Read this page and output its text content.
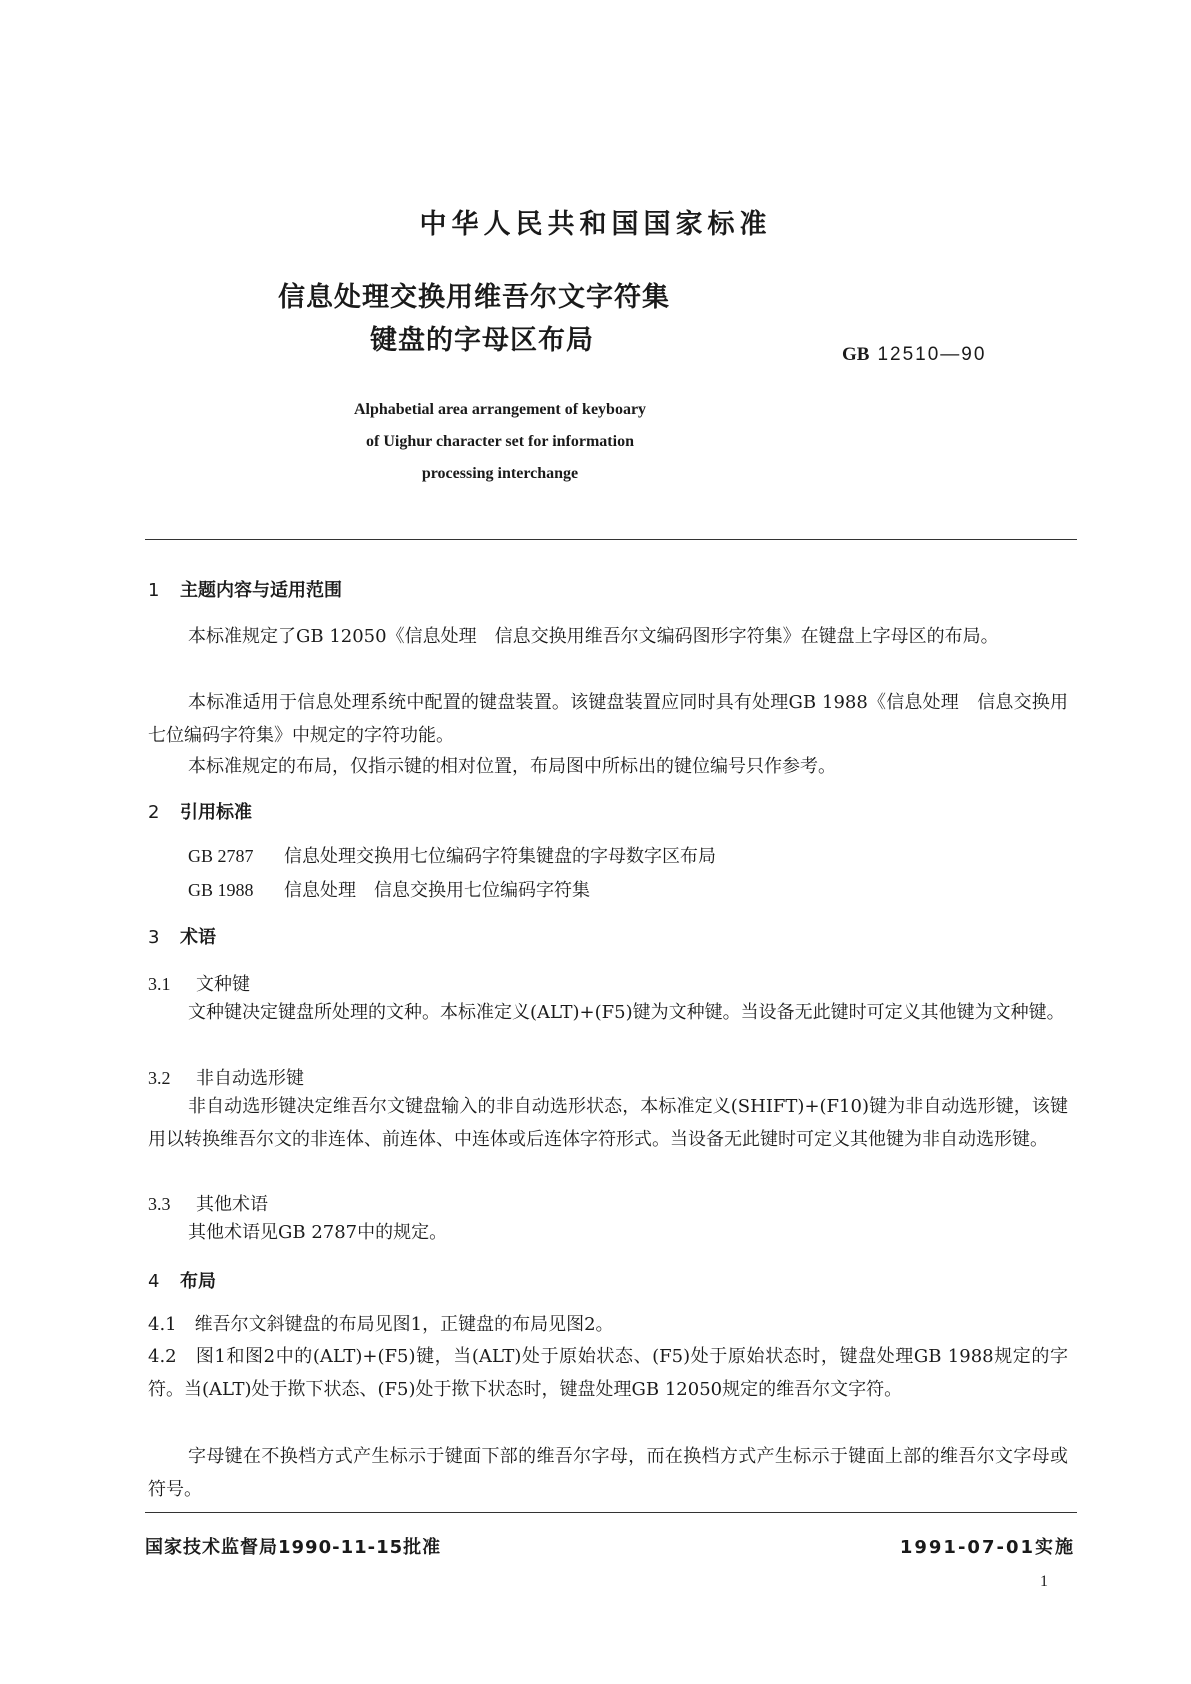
中华人民共和国国家标准
信息处理交换用维吾尔文字符集
键盘的字母区布局	GB 12510—90
Alphabetial area arrangement of keyboary
of Uighur character set for information
processing interchange
1 主题内容与适用范围
本标准规定了GB 12050《信息处理　信息交换用维吾尔文编码图形字符集》在键盘上字母区的布局。
本标准适用于信息处理系统中配置的键盘装置。该键盘装置应同时具有处理GB 1988《信息处理　信息交换用七位编码字符集》中规定的字符功能。
本标准规定的布局，仅指示键的相对位置，布局图中所标出的键位编号只作参考。
2 引用标准
GB 2787 信息处理交换用七位编码字符集键盘的字母数字区布局
GB 1988 信息处理　信息交换用七位编码字符集
3 术语
3.1 文种键
文种键决定键盘所处理的文种。本标准定义(ALT)+(F5)键为文种键。当设备无此键时可定义其他键为文种键。
3.2 非自动选形键
非自动选形键决定维吾尔文键盘输入的非自动选形状态，本标准定义(SHIFT)+(F10)键为非自动选形键，该键用以转换维吾尔文的非连体、前连体、中连体或后连体字符形式。当设备无此键时可定义其他键为非自动选形键。
3.3 其他术语
其他术语见GB 2787中的规定。
4 布局
4.1　维吾尔文斜键盘的布局见图1，正键盘的布局见图2。
4.2　图1和图2中的(ALT)+(F5)键，当(ALT)处于原始状态、(F5)处于原始状态时，键盘处理GB 1988规定的字符。当(ALT)处于揿下状态、(F5)处于揿下状态时，键盘处理GB 12050规定的维吾尔文字符。
字母键在不换档方式产生标示于键面下部的维吾尔字母，而在换档方式产生标示于键面上部的维吾尔文字母或符号。
国家技术监督局1990-11-15批准	1991-07-01实施
1
